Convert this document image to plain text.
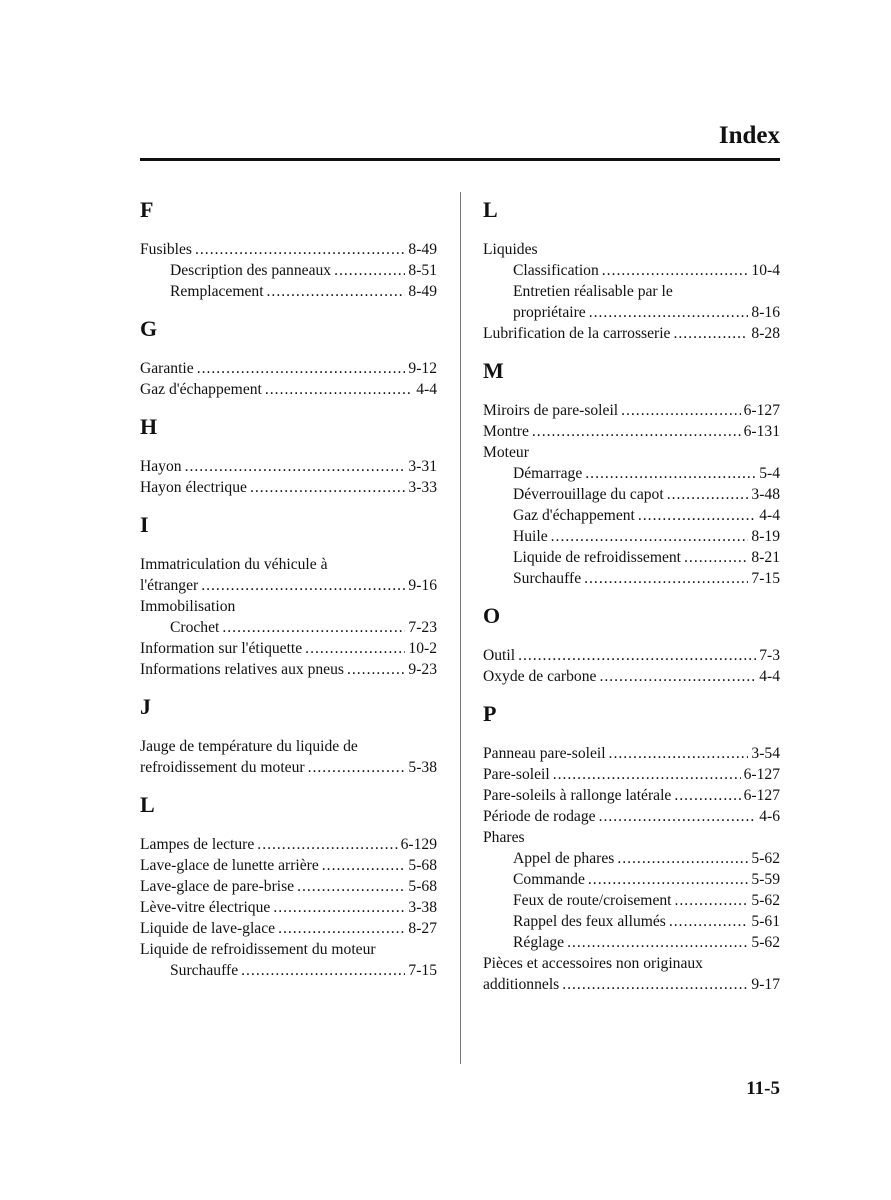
Index
F
Fusibles .....	8-49
Description des panneaux .....	8-51
Remplacement .....	8-49
G
Garantie .....	9-12
Gaz d'échappement .....	4-4
H
Hayon .....	3-31
Hayon électrique .....	3-33
I
Immatriculation du véhicule à
l'étranger .....	9-16
Immobilisation
Crochet .....	7-23
Information sur l'étiquette .....	10-2
Informations relatives aux pneus .....	9-23
J
Jauge de température du liquide de
refroidissement du moteur .....	5-38
L
Lampes de lecture .....	6-129
Lave-glace de lunette arrière .....	5-68
Lave-glace de pare-brise .....	5-68
Lève-vitre électrique .....	3-38
Liquide de lave-glace .....	8-27
Liquide de refroidissement du moteur
Surchauffe .....	7-15
L
Liquides
Classification .....	10-4
Entretien réalisable par le
propriétaire .....	8-16
Lubrification de la carrosserie .....	8-28
M
Miroirs de pare-soleil .....	6-127
Montre .....	6-131
Moteur
Démarrage .....	5-4
Déverrouillage du capot .....	3-48
Gaz d'échappement .....	4-4
Huile .....	8-19
Liquide de refroidissement .....	8-21
Surchauffe .....	7-15
O
Outil .....	7-3
Oxyde de carbone .....	4-4
P
Panneau pare-soleil .....	3-54
Pare-soleil .....	6-127
Pare-soleils à rallonge latérale .....	6-127
Période de rodage .....	4-6
Phares
Appel de phares .....	5-62
Commande .....	5-59
Feux de route/croisement .....	5-62
Rappel des feux allumés .....	5-61
Réglage .....	5-62
Pièces et accessoires non originaux
additionnels .....	9-17
11-5
